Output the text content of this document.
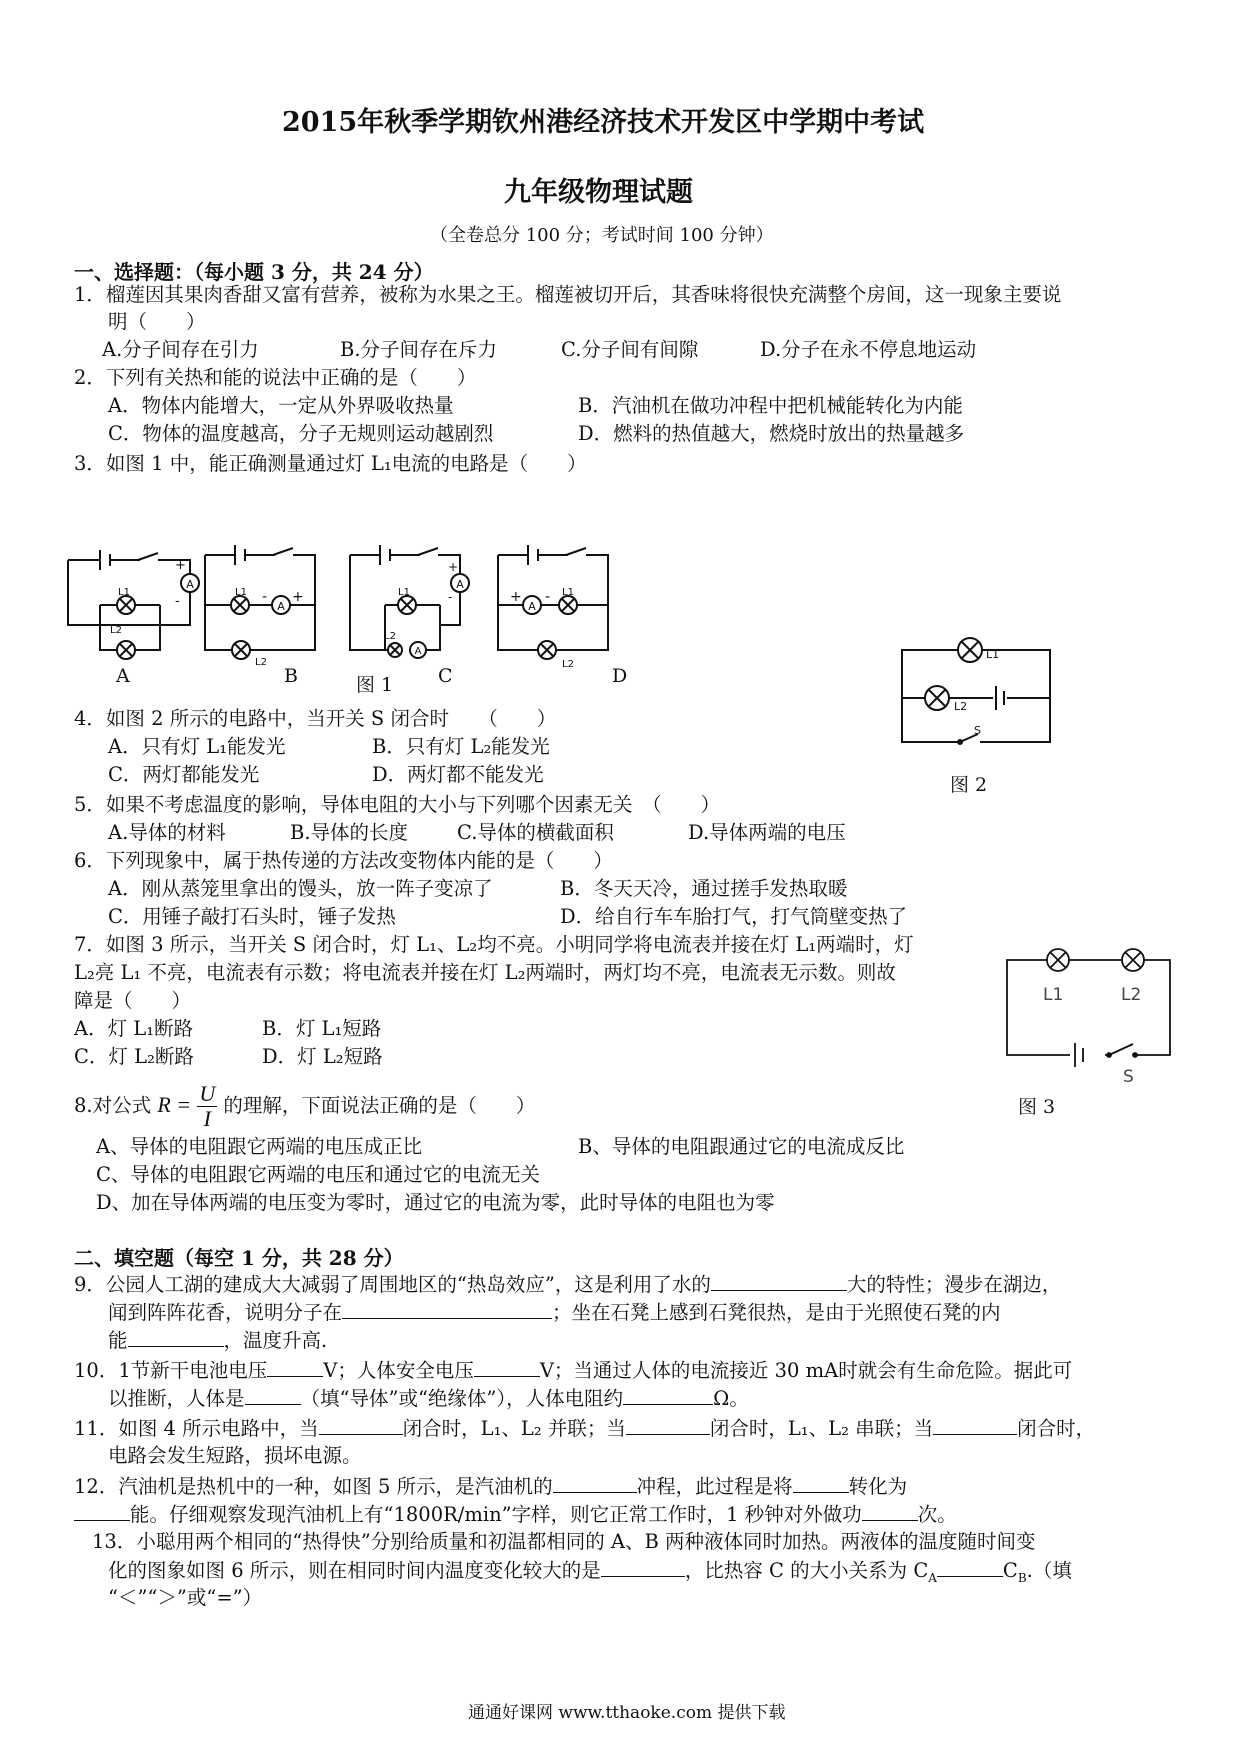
2015年秋季学期钦州港经济技术开发区中学期中考试
九年级物理试题
（全卷总分 100 分；考试时间 100 分钟）
一、选择题：（每小题 3 分，共 24 分）
1．榴莲因其果肉香甜又富有营养，被称为水果之王。榴莲被切开后，其香味将很快充满整个房间，这一现象主要说
明（　　）
A.分子间存在引力	B.分子间存在斥力	C.分子间有间隙	D.分子在永不停息地运动
2．下列有关热和能的说法中正确的是（　　）
A．物体内能增大，一定从外界吸收热量	B．汽油机在做功冲程中把机械能转化为内能
C．物体的温度越高，分子无规则运动越剧烈	D．燃料的热值越大，燃烧时放出的热量越多
3．如图 1 中，能正确测量通过灯 L₁电流的电路是（　　）
A
+
-
L1
L2
A
- +
L1
L2
A
+
-
A
L1
L2
A
+ - L1
L2
A	B	图 1 C	D
L1
L2
S
图 2
4．如图 2 所示的电路中，当开关 S 闭合时　　（　　）
A．只有灯 L₁能发光	B．只有灯 L₂能发光
C．两灯都能发光	D．两灯都不能发光
5．如果不考虑温度的影响，导体电阻的大小与下列哪个因素无关　（　　）
A.导体的材料	B.导体的长度	C.导体的横截面积	D.导体两端的电压
6．下列现象中，属于热传递的方法改变物体内能的是（　　）
A．刚从蒸笼里拿出的馒头，放一阵子变凉了	B．冬天天冷，通过搓手发热取暖
C．用锤子敲打石头时，锤子发热	D．给自行车车胎打气，打气筒壁变热了
7．如图 3 所示，当开关 S 闭合时，灯 L₁、L₂均不亮。小明同学将电流表并接在灯 L₁两端时，灯
L₂亮 L₁ 不亮，电流表有示数；将电流表并接在灯 L₂两端时，两灯均不亮，电流表无示数。则故
障是（　　）
A．灯 L₁断路	B．灯 L₁短路
C．灯 L₂断路	D．灯 L₂短路
L1	L2
S
图 3
8.对公式 $R = \frac{U}{I}$ 的理解，下面说法正确的是（　　）
A、导体的电阻跟它两端的电压成正比	B、导体的电阻跟通过它的电流成反比
C、导体的电阻跟它两端的电压和通过它的电流无关
D、加在导体两端的电压变为零时，通过它的电流为零，此时导体的电阻也为零
二、填空题（每空 1 分，共 28 分）
9．公园人工湖的建成大大减弱了周围地区的“热岛效应”，这是利用了水的	大的特性；漫步在湖边，
闻到阵阵花香，说明分子在	；坐在石凳上感到石凳很热，是由于光照使石凳的内
能	，温度升高.
10．1节新干电池电压	V；人体安全电压	V；当通过人体的电流接近 30 mA时就会有生命危险。据此可
以推断，人体是	（填“导体”或“绝缘体”），人体电阻约	Ω。
11．如图 4 所示电路中，当	闭合时，L₁、L₂ 并联；当	闭合时，L₁、L₂ 串联；当	闭合时，
电路会发生短路，损坏电源。
12．汽油机是热机中的一种，如图 5 所示，是汽油机的	冲程，此过程是将	转化为
能。仔细观察发现汽油机上有“1800R/min”字样，则它正常工作时，1 秒钟对外做功	次。
13．小聪用两个相同的“热得快”分别给质量和初温都相同的 A、B 两种液体同时加热。两液体的温度随时间变
化的图象如图 6 所示，则在相同时间内温度变化较大的是	，比热容 C 的大小关系为 $C_A$	$C_B$.（填
“＜”“＞”或“=”）
通通好课网 www.tthaoke.com 提供下载
